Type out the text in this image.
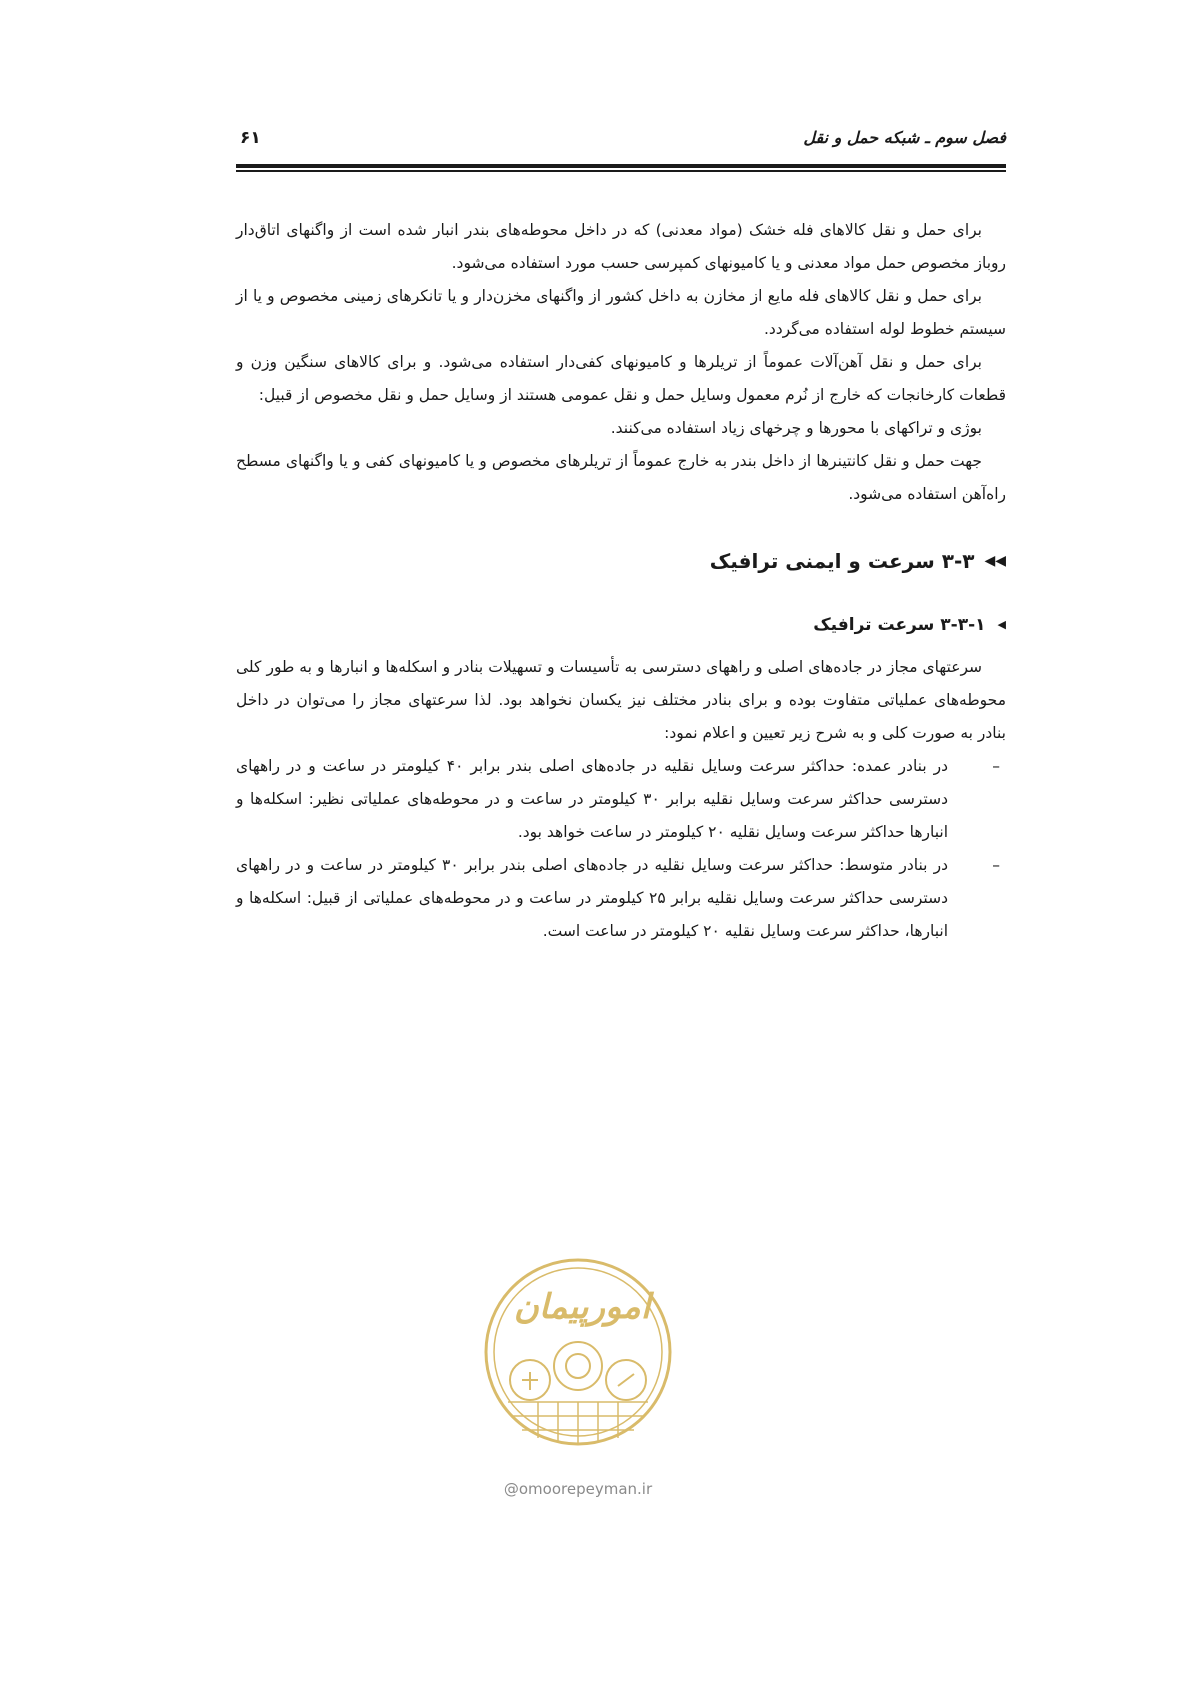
فصل سوم ـ شبکه حمل و نقل
۶۱

برای حمل و نقل کالاهای فله خشک (مواد معدنی) که در داخل محوطه‌های بندر انبار شده است از واگنهای اتاق‌دار روباز مخصوص حمل مواد معدنی و یا کامیونهای کمپرسی حسب مورد استفاده می‌شود.

برای حمل و نقل کالاهای فله مایع از مخازن به داخل کشور از واگنهای مخزن‌دار و یا تانکرهای زمینی مخصوص و یا از سیستم خطوط لوله استفاده می‌گردد.

برای حمل و نقل آهن‌آلات عموماً از تریلرها و کامیونهای کفی‌دار استفاده می‌شود. و برای کالاهای سنگین وزن و قطعات کارخانجات که خارج از نُرم معمول وسایل حمل و نقل عمومی هستند از وسایل حمل و نقل مخصوص از قبیل:

بوژی و تراکهای با محورها و چرخهای زیاد استفاده می‌کنند.

جهت حمل و نقل کانتینرها از داخل بندر به خارج عموماً از تریلرهای مخصوص و یا کامیونهای کفی و یا واگنهای مسطح راه‌آهن استفاده می‌شود.

◀◀
۳-۳ سرعت و ایمنی ترافیک
◀
۳-۳-۱ سرعت ترافیک

سرعتهای مجاز در جاده‌های اصلی و راههای دسترسی به تأسیسات و تسهیلات بنادر و اسکله‌ها و انبارها و به طور کلی محوطه‌های عملیاتی متفاوت بوده و برای بنادر مختلف نیز یکسان نخواهد بود. لذا سرعتهای مجاز را می‌توان در داخل بنادر به صورت کلی و به شرح زیر تعیین و اعلام نمود:

–
در بنادر عمده: حداکثر سرعت وسایل نقلیه در جاده‌های اصلی بندر برابر ۴۰ کیلومتر در ساعت و در راههای دسترسی حداکثر سرعت وسایل نقلیه برابر ۳۰ کیلومتر در ساعت و در محوطه‌های عملیاتی نظیر: اسکله‌ها و انبارها حداکثر سرعت وسایل نقلیه ۲۰ کیلومتر در ساعت خواهد بود.

–
در بنادر متوسط: حداکثر سرعت وسایل نقلیه در جاده‌های اصلی بندر برابر ۳۰ کیلومتر در ساعت و در راههای دسترسی حداکثر سرعت وسایل نقلیه برابر ۲۵ کیلومتر در ساعت و در محوطه‌های عملیاتی از قبیل: اسکله‌ها و انبارها، حداکثر سرعت وسایل نقلیه ۲۰ کیلومتر در ساعت است.

امورپیمان
@omoorepeyman.ir
